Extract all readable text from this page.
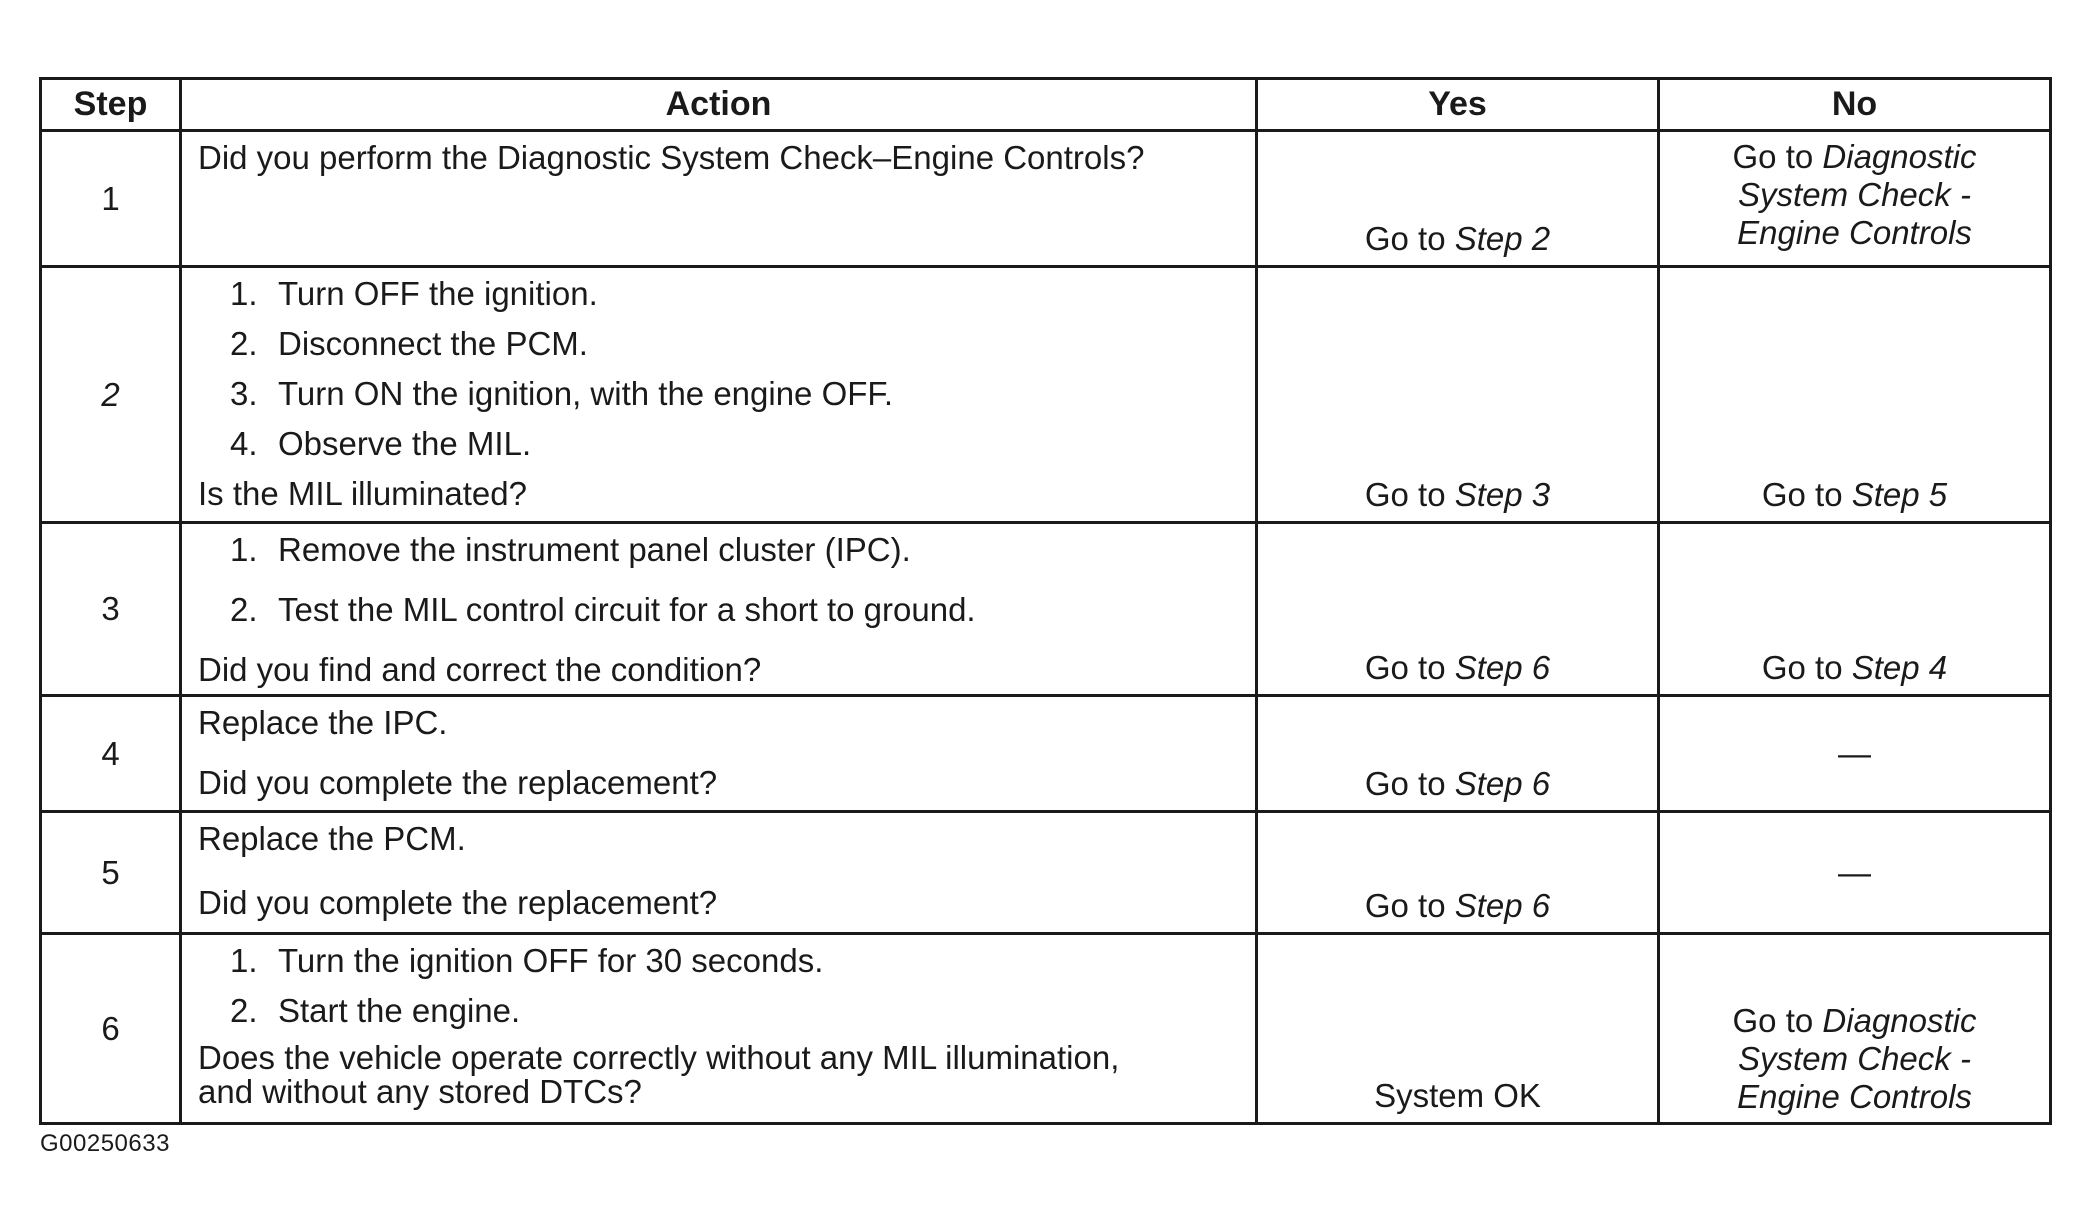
Step	Action	Yes	No
1	Did you perform the Diagnostic System Check–Engine Controls?	Go to Step 2	Go to Diagnostic
System Check -
Engine Controls
2	1. Turn OFF the ignition.
2. Disconnect the PCM.
3. Turn ON the ignition, with the engine OFF.
4. Observe the MIL.
Is the MIL illuminated?	Go to Step 3	Go to Step 5
3	1. Remove the instrument panel cluster (IPC).
2. Test the MIL control circuit for a short to ground.
Did you find and correct the condition?	Go to Step 6	Go to Step 4
4	Replace the IPC.
Did you complete the replacement?	Go to Step 6	—
5	Replace the PCM.
Did you complete the replacement?	Go to Step 6	—
6	1. Turn the ignition OFF for 30 seconds.
2. Start the engine.
Does the vehicle operate correctly without any MIL illumination,
and without any stored DTCs?	System OK	Go to Diagnostic
System Check -
Engine Controls
G00250633
